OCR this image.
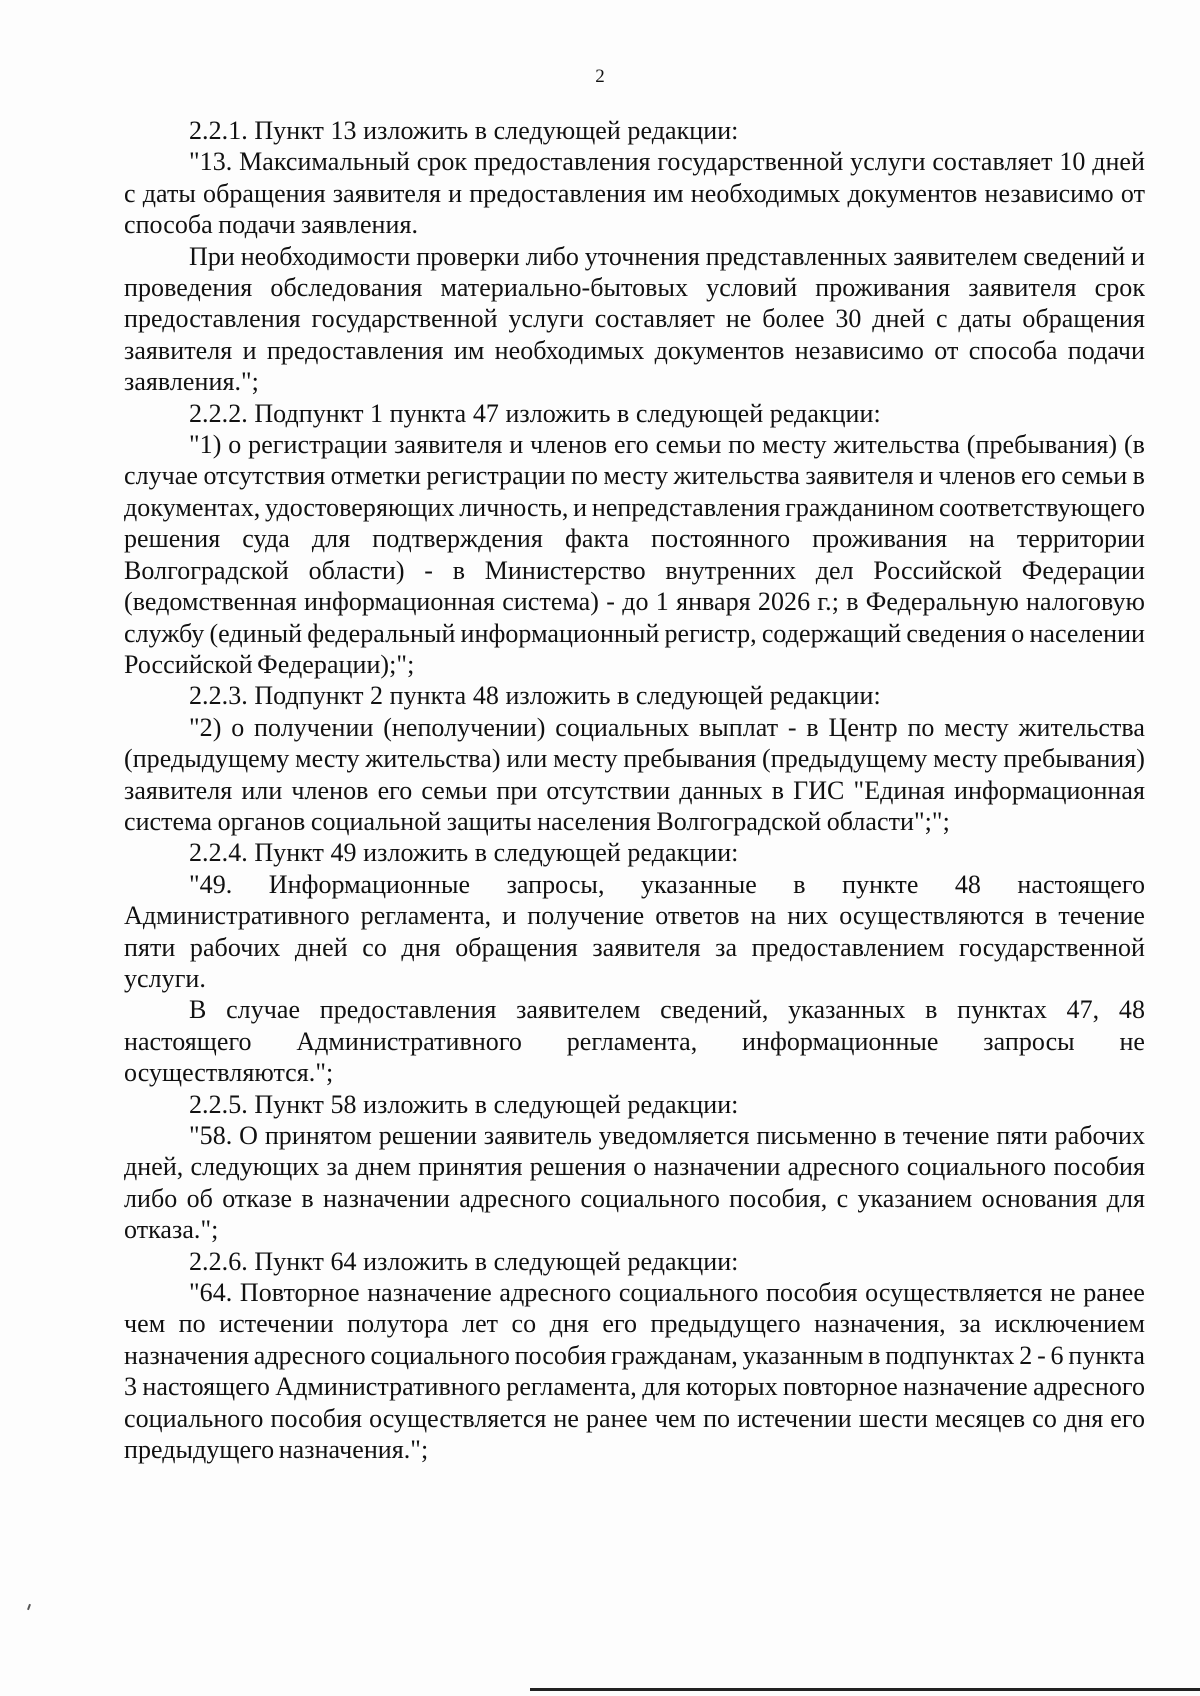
2

2.2.1. Пункт 13 изложить в следующей редакции:

"13. Максимальный срок предоставления государственной услуги составляет 10 дней с даты обращения заявителя и предоставления им необходимых документов независимо от способа подачи заявления.

При необходимости проверки либо уточнения представленных заявителем сведений и проведения обследования материально-бытовых условий проживания заявителя срок предоставления государственной услуги составляет не более 30 дней с даты обращения заявителя и предоставления им необходимых документов независимо от способа подачи заявления.";

2.2.2. Подпункт 1 пункта 47 изложить в следующей редакции:

"1) о регистрации заявителя и членов его семьи по месту жительства (пребывания) (в случае отсутствия отметки регистрации по месту жительства заявителя и членов его семьи в документах, удостоверяющих личность, и непредставления гражданином соответствующего решения суда для подтверждения факта постоянного проживания на территории Волгоградской области) - в Министерство внутренних дел Российской Федерации (ведомственная информационная система) - до 1 января 2026 г.; в Федеральную налоговую службу (единый федеральный информационный регистр, содержащий сведения о населении Российской Федерации);";

2.2.3. Подпункт 2 пункта 48 изложить в следующей редакции:

"2) о получении (неполучении) социальных выплат - в Центр по месту жительства (предыдущему месту жительства) или месту пребывания (предыдущему месту пребывания) заявителя или членов его семьи при отсутствии данных в ГИС "Единая информационная система органов социальной защиты населения Волгоградской области";";

2.2.4. Пункт 49 изложить в следующей редакции:

"49. Информационные запросы, указанные в пункте 48 настоящего Административного регламента, и получение ответов на них осуществляются в течение пяти рабочих дней со дня обращения заявителя за предоставлением государственной услуги.

В случае предоставления заявителем сведений, указанных в пунктах 47, 48 настоящего Административного регламента, информационные запросы не осуществляются.";

2.2.5. Пункт 58 изложить в следующей редакции:

"58. О принятом решении заявитель уведомляется письменно в течение пяти рабочих дней, следующих за днем принятия решения о назначении адресного социального пособия либо об отказе в назначении адресного социального пособия, с указанием основания для отказа.";

2.2.6. Пункт 64 изложить в следующей редакции:

"64. Повторное назначение адресного социального пособия осуществляется не ранее чем по истечении полутора лет со дня его предыдущего назначения, за исключением назначения адресного социального пособия гражданам, указанным в подпунктах 2 - 6 пункта 3 настоящего Административного регламента, для которых повторное назначение адресного социального пособия осуществляется не ранее чем по истечении шести месяцев со дня его предыдущего назначения.";
